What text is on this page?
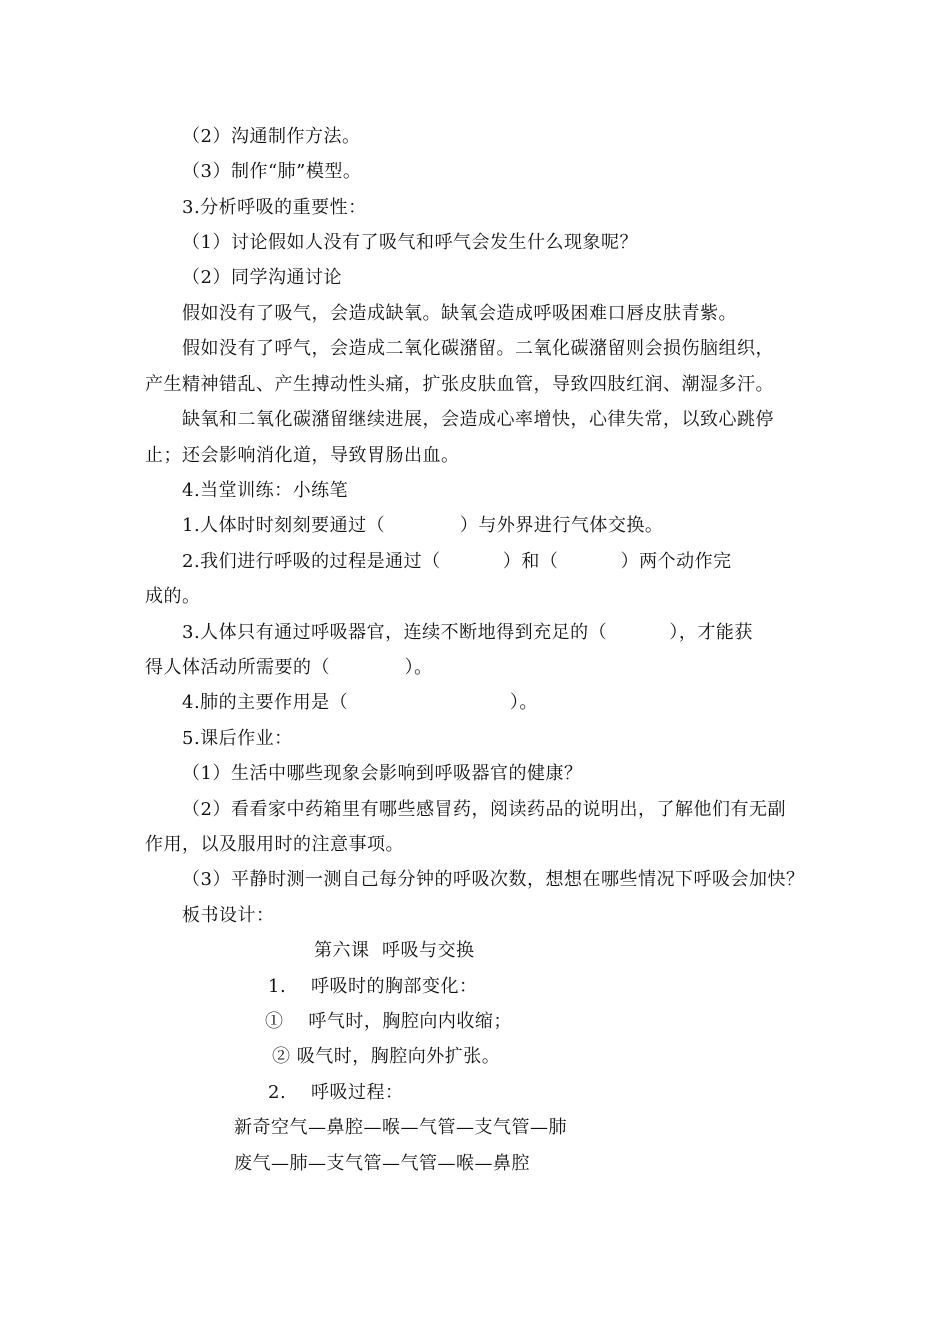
（2）沟通制作方法。
（3）制作“肺”模型。
3.分析呼吸的重要性：
（1）讨论假如人没有了吸气和呼气会发生什么现象呢？
（2）同学沟通讨论
假如没有了吸气，会造成缺氧。缺氧会造成呼吸困难口唇皮肤青紫。
假如没有了呼气，会造成二氧化碳潴留。二氧化碳潴留则会损伤脑组织，
产生精神错乱、产生搏动性头痛，扩张皮肤血管，导致四肢红润、潮湿多汗。
缺氧和二氧化碳潴留继续进展，会造成心率增快，心律失常，以致心跳停
止；还会影响消化道，导致胃肠出血。
4.当堂训练：小练笔
1.人体时时刻刻要通过（            ）与外界进行气体交换。
2.我们进行呼吸的过程是通过（          ）和（          ）两个动作完
成的。
3.人体只有通过呼吸器官，连续不断地得到充足的（          ），才能获
得人体活动所需要的（            ）。
4.肺的主要作用是（                          ）。
5.课后作业：
（1）生活中哪些现象会影响到呼吸器官的健康？
（2）看看家中药箱里有哪些感冒药，阅读药品的说明出，了解他们有无副
作用，以及服用时的注意事项。
（3）平静时测一测自己每分钟的呼吸次数，想想在哪些情况下呼吸会加快？
板书设计：
第六课  呼吸与交换
1.    呼吸时的胸部变化：
①    呼气时，胸腔向内收缩；
② 吸气时，胸腔向外扩张。
2.    呼吸过程：
新奇空气—鼻腔—喉—气管—支气管—肺
废气—肺—支气管—气管—喉—鼻腔
